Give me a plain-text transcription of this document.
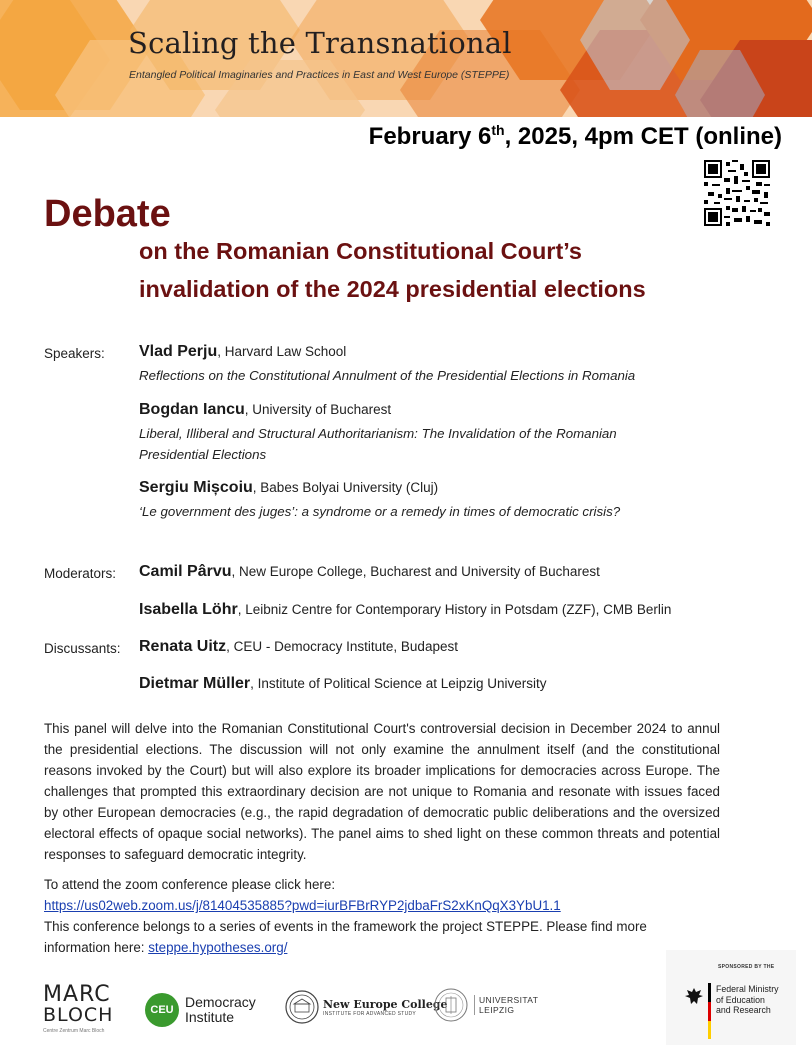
Scaling the Transnational
Entangled Political Imaginaries and Practices in East and West Europe (STEPPE)
February 6th, 2025, 4pm CET (online)
Debate
on the Romanian Constitutional Court’s
invalidation of the 2024 presidential elections
Speakers: Vlad Perju, Harvard Law School
Reflections on the Constitutional Annulment of the Presidential Elections in Romania
Bogdan Iancu, University of Bucharest
Liberal, Illiberal and Structural Authoritarianism: The Invalidation of the Romanian Presidential Elections
Sergiu Mișcoiu, Babes Bolyai University (Cluj)
‘Le government des juges’: a syndrome or a remedy in times of democratic crisis?
Moderators: Camil Pârvu, New Europe College, Bucharest and University of Bucharest
Isabella Löhr, Leibniz Centre for Contemporary History in Potsdam (ZZF), CMB Berlin
Discussants: Renata Uitz, CEU - Democracy Institute, Budapest
Dietmar Müller, Institute of Political Science at Leipzig University
This panel will delve into the Romanian Constitutional Court's controversial decision in December 2024 to annul the presidential elections. The discussion will not only examine the annulment itself (and the constitutional reasons invoked by the Court) but will also explore its broader implications for democracies across Europe. The challenges that prompted this extraordinary decision are not unique to Romania and resonate with issues faced by other European democracies (e.g., the rapid degradation of democratic public deliberations and the oversized electoral effects of opaque social networks). The panel aims to shed light on these common threats and potential responses to safeguard democratic integrity.
To attend the zoom conference please click here:
https://us02web.zoom.us/j/81404535885?pwd=iurBFBrRYP2jdbaFrS2xKnQqX3YbU1.1
This conference belongs to a series of events in the framework the project STEPPE. Please find more
information here: steppe.hypotheses.org/
MARC
BLOCH
Centre Zentrum Marc Bloch
CEU Democracy
Institute
New Europe College
INSTITUTE FOR ADVANCED STUDY
UNIVERSITAT
LEIPZIG
SPONSORED BY THE
Federal Ministry
of Education
and Research
